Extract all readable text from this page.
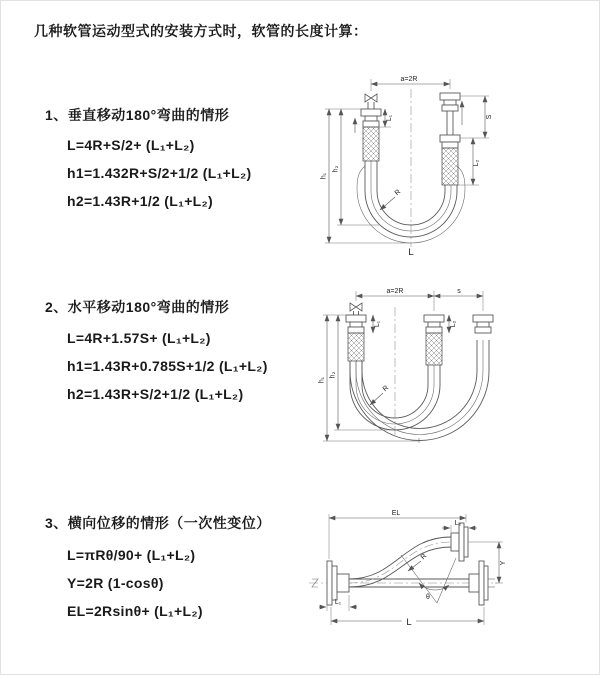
几种软管运动型式的安装方式时，软管的长度计算：
1、垂直移动180°弯曲的情形
L=4R+S/2+ (L₁+L₂)
h1=1.432R+S/2+1/2 (L₁+L₂)
h2=1.43R+1/2 (L₁+L₂)
2、水平移动180°弯曲的情形
L=4R+1.57S+ (L₁+L₂)
h1=1.43R+0.785S+1/2 (L₁+L₂)
h2=1.43R+S/2+1/2 (L₁+L₂)
3、横向位移的情形（一次性变位）
L=πRθ/90+ (L₁+L₂)
Y=2R (1-cosθ)
EL=2Rsinθ+ (L₁+L₂)
a=2R
h₁
h₂
L₁	S
L₂
R
L
a=2R	s
h₁
h₂
L₁	L₂
R
θ
EL
L₂
Y
R
L₁
L
